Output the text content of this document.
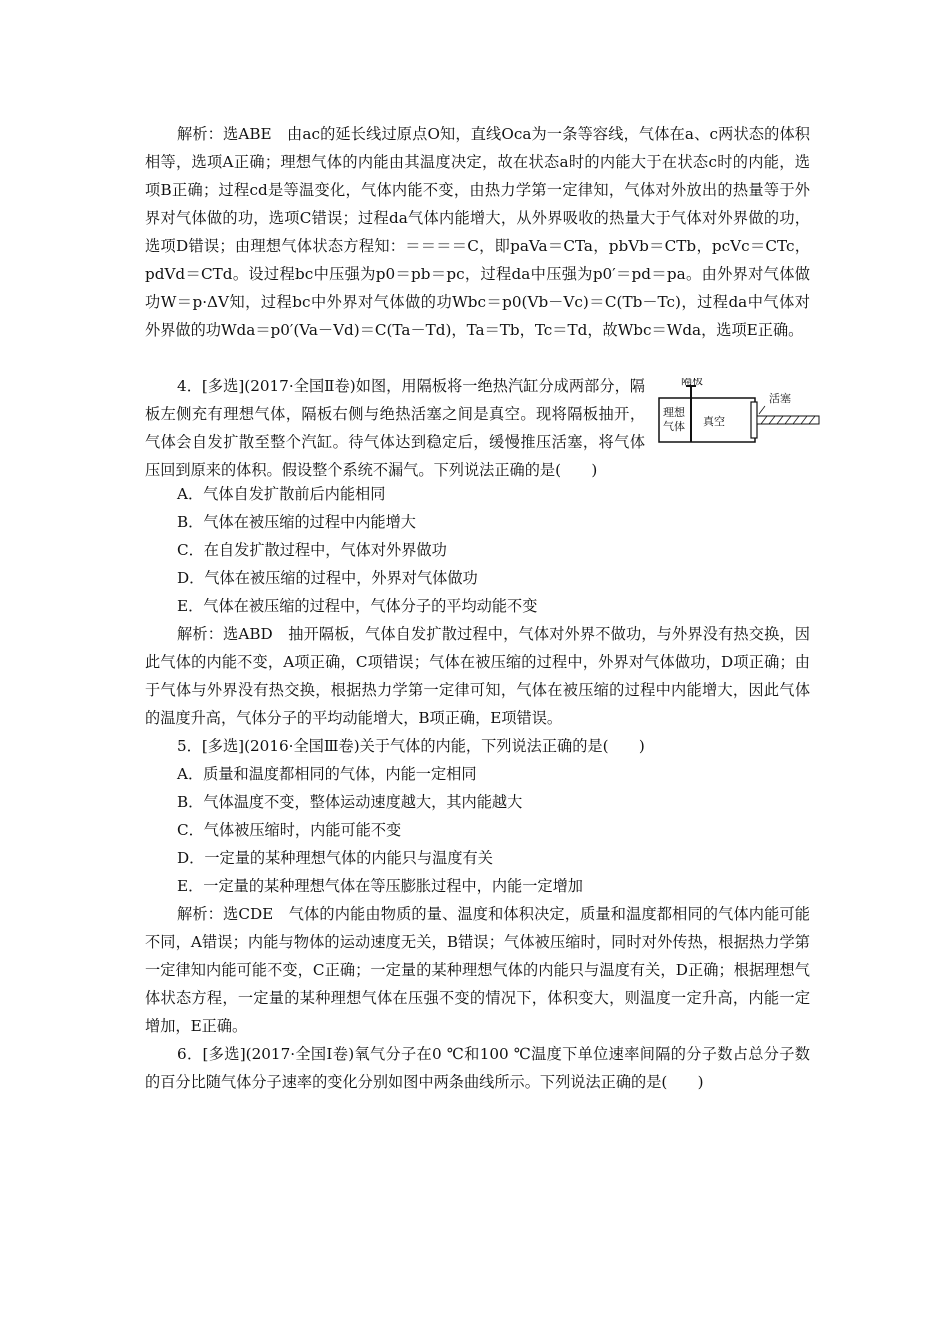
解析：选ABE　由ac的延长线过原点O知，直线Oca为一条等容线，气体在a、c两状态的体积相等，选项A正确；理想气体的内能由其温度决定，故在状态a时的内能大于在状态c时的内能，选项B正确；过程cd是等温变化，气体内能不变，由热力学第一定律知，气体对外放出的热量等于外界对气体做的功，选项C错误；过程da气体内能增大，从外界吸收的热量大于气体对外界做的功，选项D错误；由理想气体状态方程知：＝＝＝＝C，即paVa＝CTa，pbVb＝CTb，pcVc＝CTc，pdVd＝CTd。设过程bc中压强为p0＝pb＝pc，过程da中压强为p0′＝pd＝pa。由外界对气体做功W＝p·ΔV知，过程bc中外界对气体做的功Wbc＝p0(Vb－Vc)＝C(Tb－Tc)，过程da中气体对外界做的功Wda＝p0′(Va－Vd)＝C(Ta－Td)，Ta＝Tb，Tc＝Td，故Wbc＝Wda，选项E正确。

4．[多选](2017·全国Ⅱ卷)如图，用隔板将一绝热汽缸分成两部分，隔板左侧充有理想气体，隔板右侧与绝热活塞之间是真空。现将隔板抽开，气体会自发扩散至整个汽缸。待气体达到稳定后，缓慢推压活塞，将气体压回到原来的体积。假设整个系统不漏气。下列说法正确的是(　　)

隔板
活塞
真空
理想气体

A．气体自发扩散前后内能相同

B．气体在被压缩的过程中内能增大

C．在自发扩散过程中，气体对外界做功

D．气体在被压缩的过程中，外界对气体做功

E．气体在被压缩的过程中，气体分子的平均动能不变

解析：选ABD　抽开隔板，气体自发扩散过程中，气体对外界不做功，与外界没有热交换，因此气体的内能不变，A项正确，C项错误；气体在被压缩的过程中，外界对气体做功，D项正确；由于气体与外界没有热交换，根据热力学第一定律可知，气体在被压缩的过程中内能增大，因此气体的温度升高，气体分子的平均动能增大，B项正确，E项错误。

5．[多选](2016·全国Ⅲ卷)关于气体的内能，下列说法正确的是(　　)

A．质量和温度都相同的气体，内能一定相同

B．气体温度不变，整体运动速度越大，其内能越大

C．气体被压缩时，内能可能不变

D．一定量的某种理想气体的内能只与温度有关

E．一定量的某种理想气体在等压膨胀过程中，内能一定增加

解析：选CDE　气体的内能由物质的量、温度和体积决定，质量和温度都相同的气体内能可能不同，A错误；内能与物体的运动速度无关，B错误；气体被压缩时，同时对外传热，根据热力学第一定律知内能可能不变，C正确；一定量的某种理想气体的内能只与温度有关，D正确；根据理想气体状态方程，一定量的某种理想气体在压强不变的情况下，体积变大，则温度一定升高，内能一定增加，E正确。

6．[多选](2017·全国Ⅰ卷)氧气分子在0 ℃和100 ℃温度下单位速率间隔的分子数占总分子数的百分比随气体分子速率的变化分别如图中两条曲线所示。下列说法正确的是(　　)
